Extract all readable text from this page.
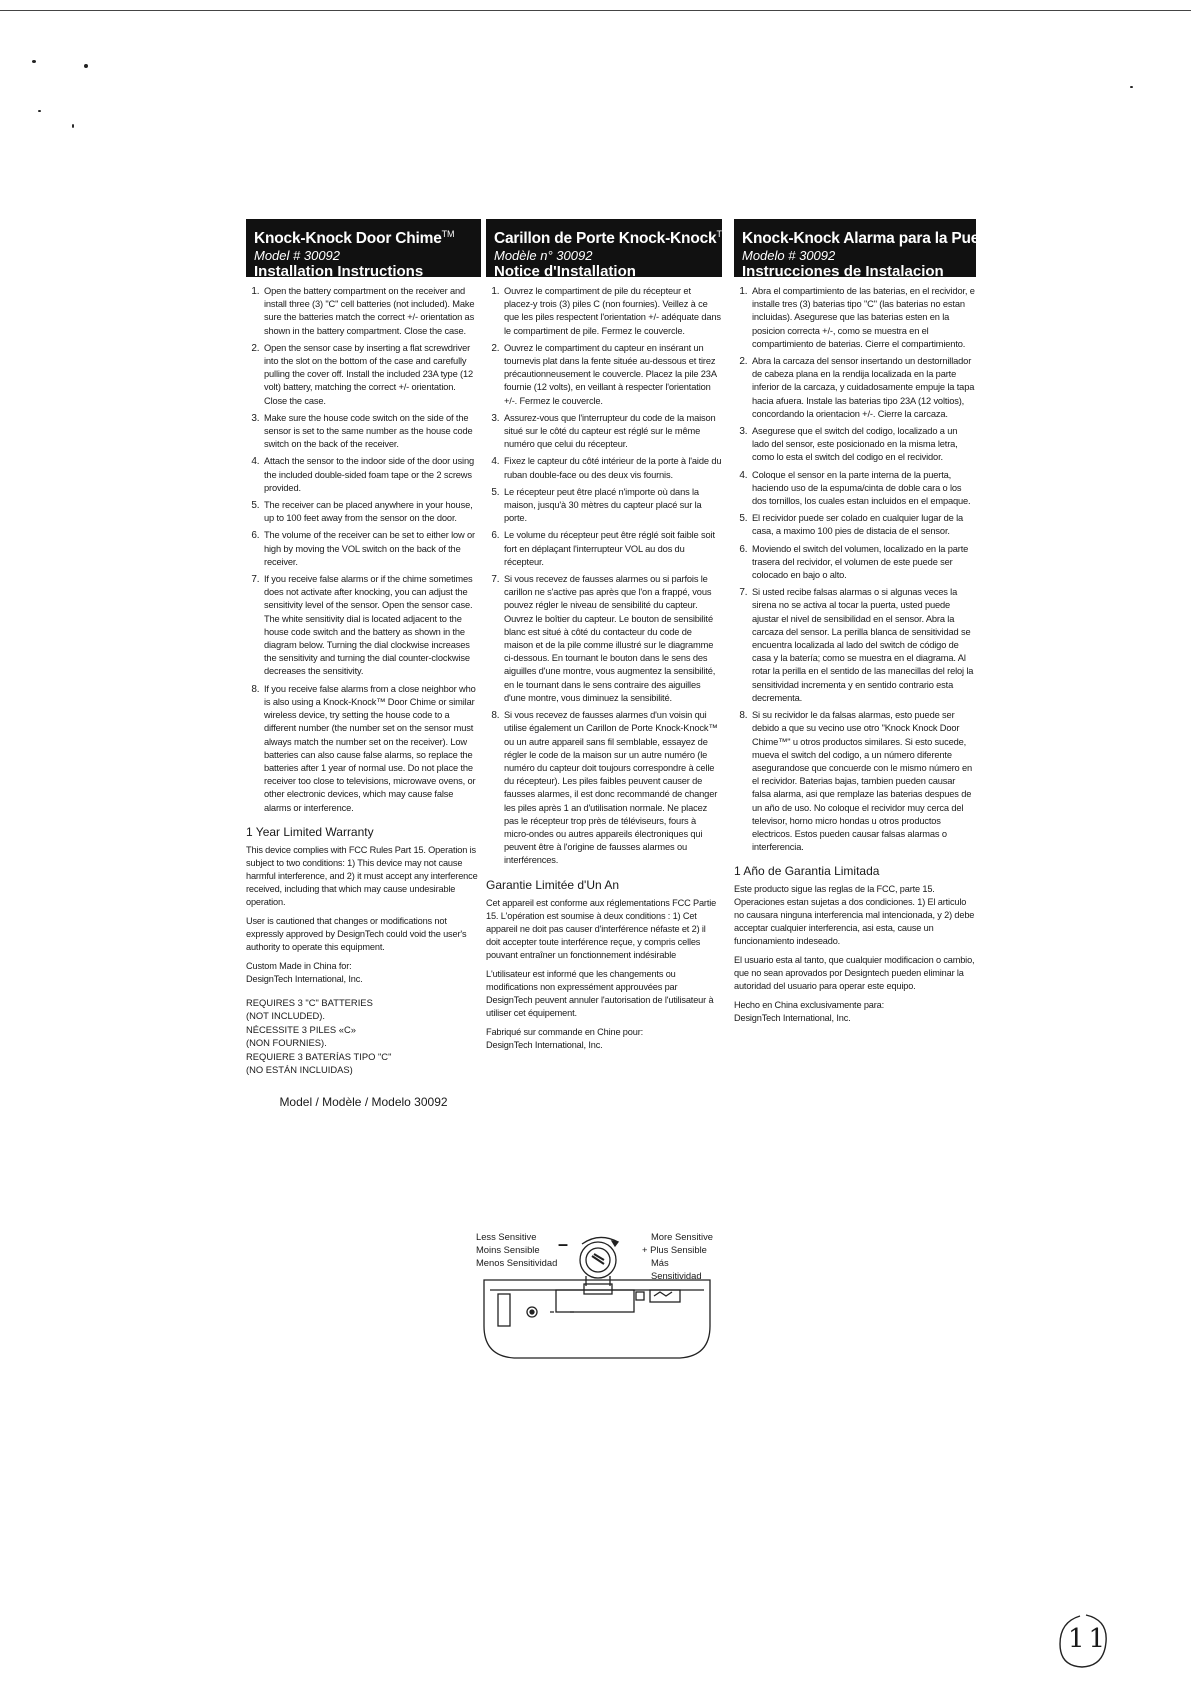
Knock-Knock Door Chime™
Model # 30092
Installation Instructions
1. Open the battery compartment on the receiver and install three (3) "C" cell batteries (not included). Make sure the batteries match the correct +/- orientation as shown in the battery compartment. Close the case.
2. Open the sensor case by inserting a flat screwdriver into the slot on the bottom of the case and carefully pulling the cover off. Install the included 23A type (12 volt) battery, matching the correct +/- orientation. Close the case.
3. Make sure the house code switch on the side of the sensor is set to the same number as the house code switch on the back of the receiver.
4. Attach the sensor to the indoor side of the door using the included double-sided foam tape or the 2 screws provided.
5. The receiver can be placed anywhere in your house, up to 100 feet away from the sensor on the door.
6. The volume of the receiver can be set to either low or high by moving the VOL switch on the back of the receiver.
7. If you receive false alarms or if the chime sometimes does not activate after knocking, you can adjust the sensitivity level of the sensor. Open the sensor case. The white sensitivity dial is located adjacent to the house code switch and the battery as shown in the diagram below. Turning the dial clockwise increases the sensitivity and turning the dial counter-clockwise decreases the sensitivity.
8. If you receive false alarms from a close neighbor who is also using a Knock-Knock™ Door Chime or similar wireless device, try setting the house code to a different number (the number set on the sensor must always match the number set on the receiver). Low batteries can also cause false alarms, so replace the batteries after 1 year of normal use. Do not place the receiver too close to televisions, microwave ovens, or other electronic devices, which may cause false alarms or interference.
1 Year Limited Warranty

This device complies with FCC Rules Part 15. Operation is subject to two conditions: 1) This device may not cause harmful interference, and 2) it must accept any interference received, including that which may cause undesirable operation.

User is cautioned that changes or modifications not expressly approved by DesignTech could void the user's authority to operate this equipment.

Custom Made in China for:
DesignTech International, Inc.

REQUIRES 3 "C" BATTERIES
(NOT INCLUDED).

NÉCESSITE 3 PILES «C»
(NON FOURNIES).

REQUIERE 3 BATERÍAS TIPO "C"
(NO ESTÁN INCLUIDAS)

Model / Modèle / Modelo 30092
Carillon de Porte Knock-Knock™
Modèle n° 30092
Notice d'Installation
1. Ouvrez le compartiment de pile du récepteur et placez-y trois (3) piles C (non fournies). Veillez à ce que les piles respectent l'orientation +/- adéquate dans le compartiment de pile. Fermez le couvercle.
2. Ouvrez le compartiment du capteur en insérant un tournevis plat dans la fente située au-dessous et tirez précautionneusement le couvercle. Placez la pile 23A fournie (12 volts), en veillant à respecter l'orientation +/-. Fermez le couvercle.
3. Assurez-vous que l'interrupteur du code de la maison situé sur le côté du capteur est réglé sur le même numéro que celui du récepteur.
4. Fixez le capteur du côté intérieur de la porte à l'aide du ruban double-face ou des deux vis fournis.
5. Le récepteur peut être placé n'importe où dans la maison, jusqu'à 30 mètres du capteur placé sur la porte.
6. Le volume du récepteur peut être réglé soit faible soit fort en déplaçant l'interrupteur VOL au dos du récepteur.
7. Si vous recevez de fausses alarmes ou si parfois le carillon ne s'active pas après que l'on a frappé, vous pouvez régler le niveau de sensibilité du capteur. Ouvrez le boîtier du capteur. Le bouton de sensibilité blanc est situé à côté du contacteur du code de maison et de la pile comme illustré sur le diagramme ci-dessous. En tournant le bouton dans le sens des aiguilles d'une montre, vous augmentez la sensibilité, en le tournant dans le sens contraire des aiguilles d'une montre, vous diminuez la sensibilité.
8. Si vous recevez de fausses alarmes d'un voisin qui utilise également un Carillon de Porte Knock-Knock™ ou un autre appareil sans fil semblable, essayez de régler le code de la maison sur un autre numéro (le numéro du capteur doit toujours correspondre à celle du récepteur). Les piles faibles peuvent causer de fausses alarmes, il est donc recommandé de changer les piles après 1 an d'utilisation normale. Ne placez pas le récepteur trop près de téléviseurs, fours à micro-ondes ou autres appareils électroniques qui peuvent être à l'origine de fausses alarmes ou interférences.
Garantie Limitée d'Un An

Cet appareil est conforme aux réglementations FCC Partie 15. L'opération est soumise à deux conditions : 1) Cet appareil ne doit pas causer d'interférence néfaste et 2) il doit accepter toute interférence reçue, y compris celles pouvant entraîner un fonctionnement indésirable

L'utilisateur est informé que les changements ou modifications non expressément approuvées par DesignTech peuvent annuler l'autorisation de l'utilisateur à utiliser cet équipement.

Fabriqué sur commande en Chine pour:
DesignTech International, Inc.

Less Sensitive
Moins Sensible
Menos Sensitividad
–	More Sensitive
+ Plus Sensible
Más Sensitividad
Knock-Knock Alarma para la Puerta™
Modelo # 30092
Instrucciones de Instalacion
1. Abra el compartimiento de las baterias, en el recividor, e installe tres (3) baterias tipo "C" (las baterias no estan incluidas). Asegurese que las baterias esten en la posicion correcta +/-, como se muestra en el compartimiento de baterias. Cierre el compartimiento.
2. Abra la carcaza del sensor insertando un destornillador de cabeza plana en la rendija localizada en la parte inferior de la carcaza, y cuidadosamente empuje la tapa hacia afuera. Instale las baterias tipo 23A (12 voltios), concordando la orientacion +/-. Cierre la carcaza.
3. Asegurese que el switch del codigo, localizado a un lado del sensor, este posicionado en la misma letra, como lo esta el switch del codigo en el recividor.
4. Coloque el sensor en la parte interna de la puerta, haciendo uso de la espuma/cinta de doble cara o los dos tornillos, los cuales estan incluidos en el empaque.
5. El recividor puede ser colado en cualquier lugar de la casa, a maximo 100 pies de distacia de el sensor.
6. Moviendo el switch del volumen, localizado en la parte trasera del recividor, el volumen de este puede ser colocado en bajo o alto.
7. Si usted recibe falsas alarmas o si algunas veces la sirena no se activa al tocar la puerta, usted puede ajustar el nivel de sensibilidad en el sensor. Abra la carcaza del sensor. La perilla blanca de sensitividad se encuentra localizada al lado del switch de código de casa y la batería; como se muestra en el diagrama. Al rotar la perilla en el sentido de las manecillas del reloj la sensitividad incrementa y en sentido contrario esta decrementa.
8. Si su recividor le da falsas alarmas, esto puede ser debido a que su vecino use otro "Knock Knock Door Chime™" u otros productos similares. Si esto sucede, mueva el switch del codigo, a un número diferente asegurandose que concuerde con le mismo número en el recividor. Baterias bajas, tambien pueden causar falsa alarma, asi que remplaze las baterias despues de un año de uso. No coloque el recividor muy cerca del televisor, horno micro hondas u otros productos electricos. Estos pueden causar falsas alarmas o interferencia.
1 Año de Garantia Limitada

Este producto sigue las reglas de la FCC, parte 15. Operaciones estan sujetas a dos condiciones. 1) El articulo no causara ninguna interferencia mal intencionada, y 2) debe acceptar cualquier interferencia, asi esta, cause un funcionamiento indeseado.

El usuario esta al tanto, que cualquier modificacion o cambio, que no sean aprovados por Designtech pueden eliminar la autoridad del usuario para operar este equipo.

Hecho en China exclusivamente para:
DesignTech International, Inc.

11
